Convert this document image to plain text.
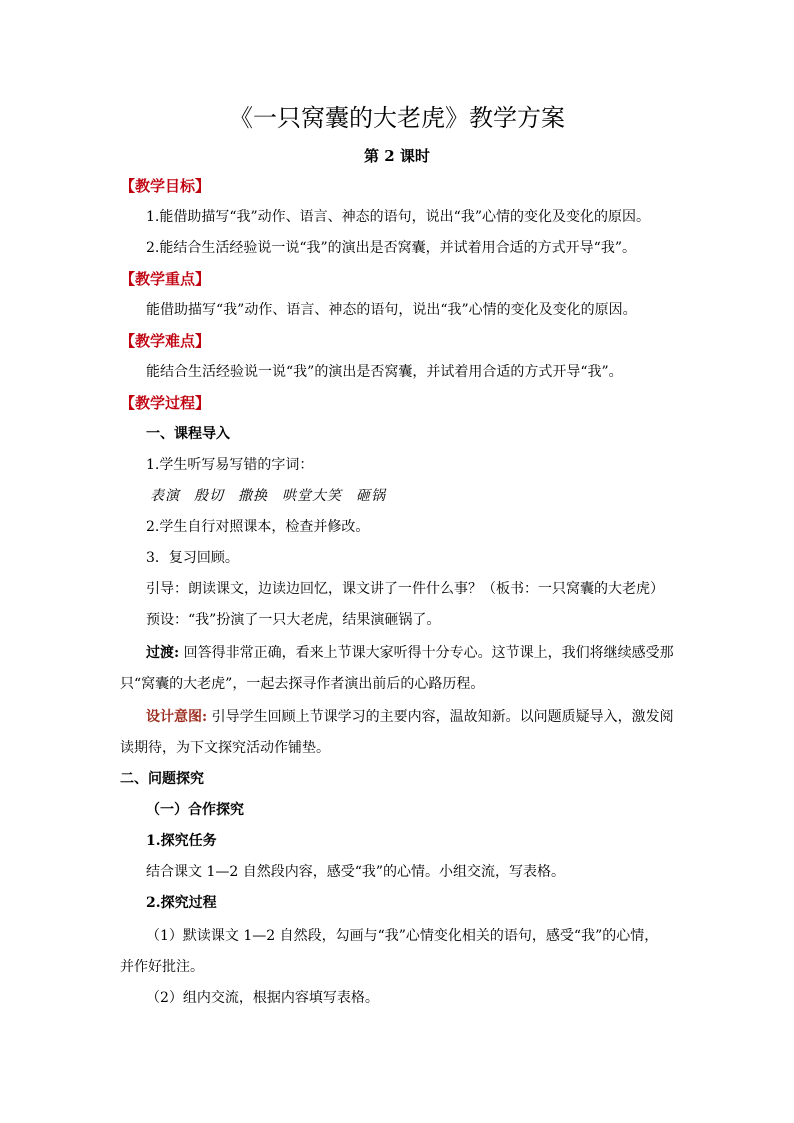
《一只窝囊的大老虎》教学方案
第 2 课时
【教学目标】
1.能借助描写“我”动作、语言、神态的语句，说出“我”心情的变化及变化的原因。
2.能结合生活经验说一说“我”的演出是否窝囊，并试着用合适的方式开导“我”。
【教学重点】
能借助描写“我”动作、语言、神态的语句，说出“我”心情的变化及变化的原因。
【教学难点】
能结合生活经验说一说“我”的演出是否窝囊，并试着用合适的方式开导“我”。
【教学过程】
一、课程导入
1.学生听写易写错的字词：
表演 殷切 撒换 哄堂大笑 砸锅
2.学生自行对照课本，检查并修改。
3．复习回顾。
引导：朗读课文，边读边回忆，课文讲了一件什么事？（板书：一只窝囊的大老虎）
预设：“我”扮演了一只大老虎，结果演砸锅了。
过渡: 回答得非常正确，看来上节课大家听得十分专心。这节课上，我们将继续感受那
只“窝囊的大老虎”，一起去探寻作者演出前后的心路历程。
设计意图: 引导学生回顾上节课学习的主要内容，温故知新。以问题质疑导入，激发阅
读期待，为下文探究活动作铺垫。
二、问题探究
（一）合作探究
1.探究任务
结合课文 1—2 自然段内容，感受“我”的心情。小组交流，写表格。
2.探究过程
（1）默读课文 1—2 自然段，勾画与“我”心情变化相关的语句，感受“我”的心情，
并作好批注。
（2）组内交流，根据内容填写表格。
